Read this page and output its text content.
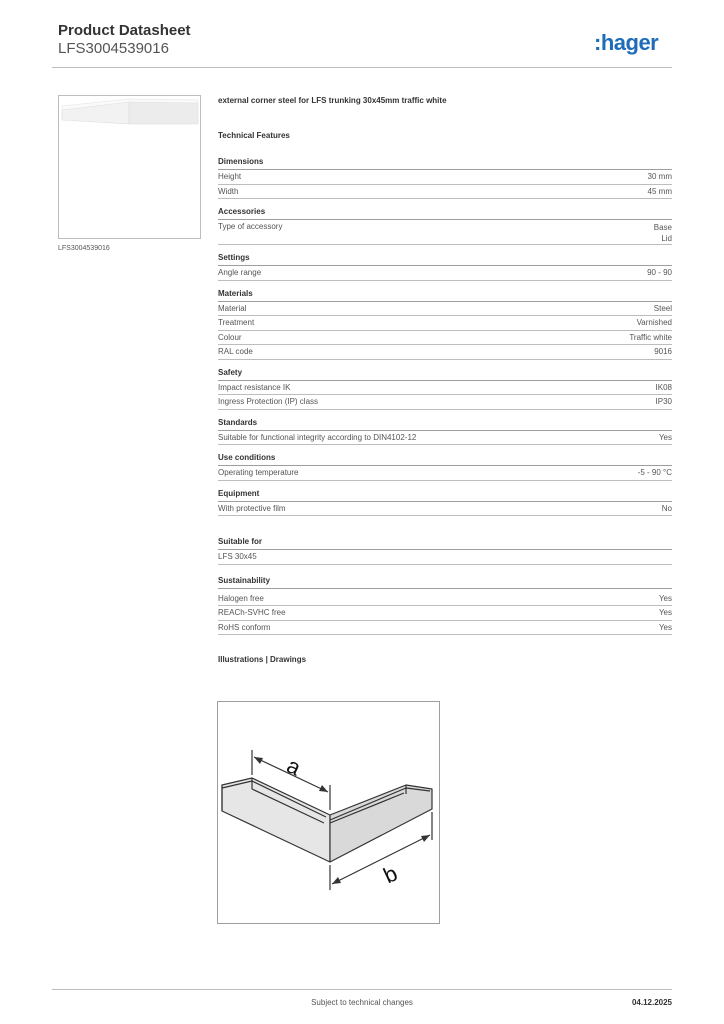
Product Datasheet
LFS3004539016	:hager
LFS3004539016
external corner steel for LFS trunking 30x45mm traffic white
Technical Features
Dimensions
Height	30 mm
Width	45 mm
Accessories
Type of accessory	Base
Lid
Settings
Angle range	90 - 90
Materials
Material	Steel
Treatment	Varnished
Colour	Traffic white
RAL code	9016
Safety
Impact resistance IK	IK08
Ingress Protection (IP) class	IP30
Standards
Suitable for functional integrity according to DIN4102-12	Yes
Use conditions
Operating temperature	-5 - 90 °C
Equipment
With protective film	No
Suitable for
LFS 30x45
Sustainability
Halogen free	Yes
REACh-SVHC free	Yes
RoHS conform	Yes
Illustrations | Drawings
a
b
Subject to technical changes	04.12.2025
